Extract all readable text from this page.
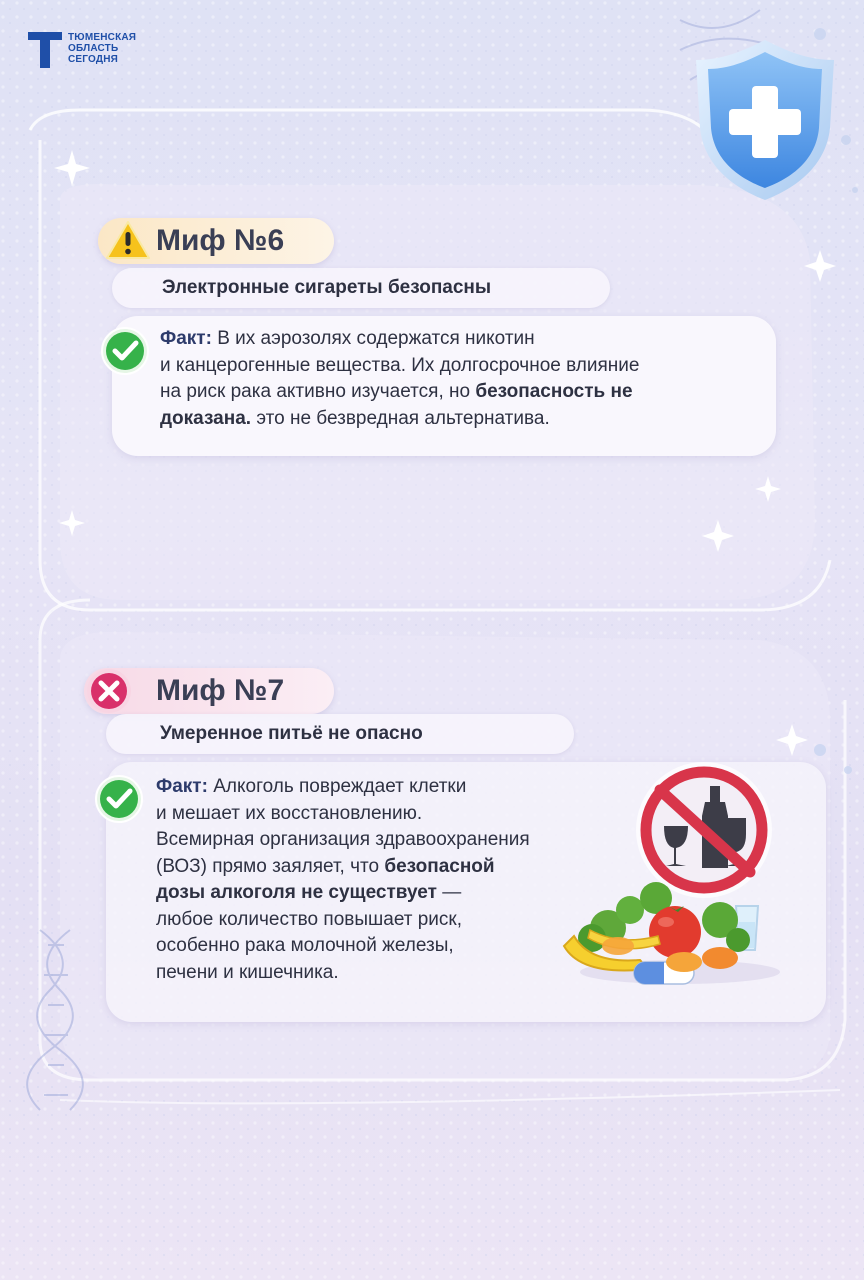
ТЮМЕНСКАЯ
ОБЛАСТЬ
СЕГОДНЯ
Миф №6
Электронные сигареты безопасны
Факт: В их аэрозолях содержатся никотин
и канцерогенные вещества. Их долгосрочное влияние
на риск рака активно изучается, но безопасность не
доказана. это не безвредная альтернатива.
Миф №7
Умеренное питьё не опасно
Факт: Алкоголь повреждает клетки
и мешает их восстановлению.
Всемирная организация здравоохранения
(ВОЗ) прямо заяляет, что безопасной
дозы алкоголя не существует —
любое количество повышает риск,
особенно рака молочной железы,
печени и кишечника.
